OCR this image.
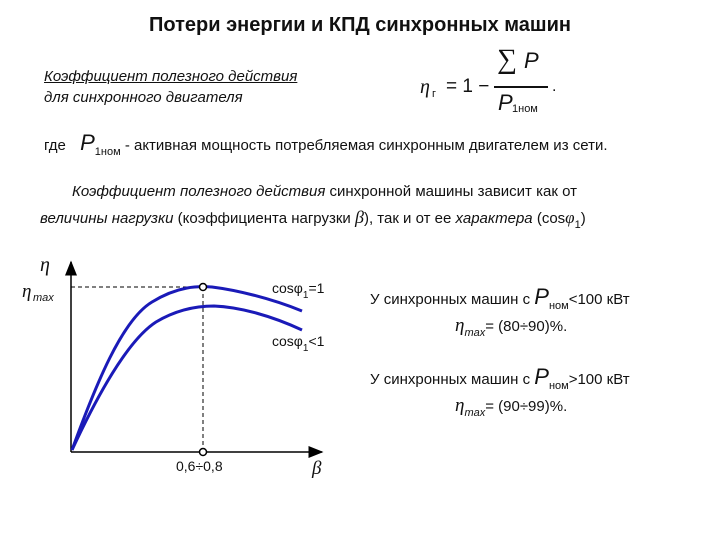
Потери энергии и КПД синхронных машин
Коэффициент полезного действия
для синхронного двигателя	η г = 1 −
∑ P
P 1ном
.
где $P_{1ном}$ - активная мощность потребляемая синхронным двигателем из сети.
Коэффициент полезного действия синхронной машины зависит как от
величины нагрузки (коэффициента нагрузки β), так и от ее характера (cosφ$_1$)
η
η max
0,6÷0,8	β
cosφ$_1$=1
cosφ$_1$<1
У синхронных машин с $P_{ном}<100$ кВт
$\eta_{max}= (80\div 90)\%$.
У синхронных машин с $P_{ном}>100$ кВт
$\eta_{max}= (90\div 99)\%$.
